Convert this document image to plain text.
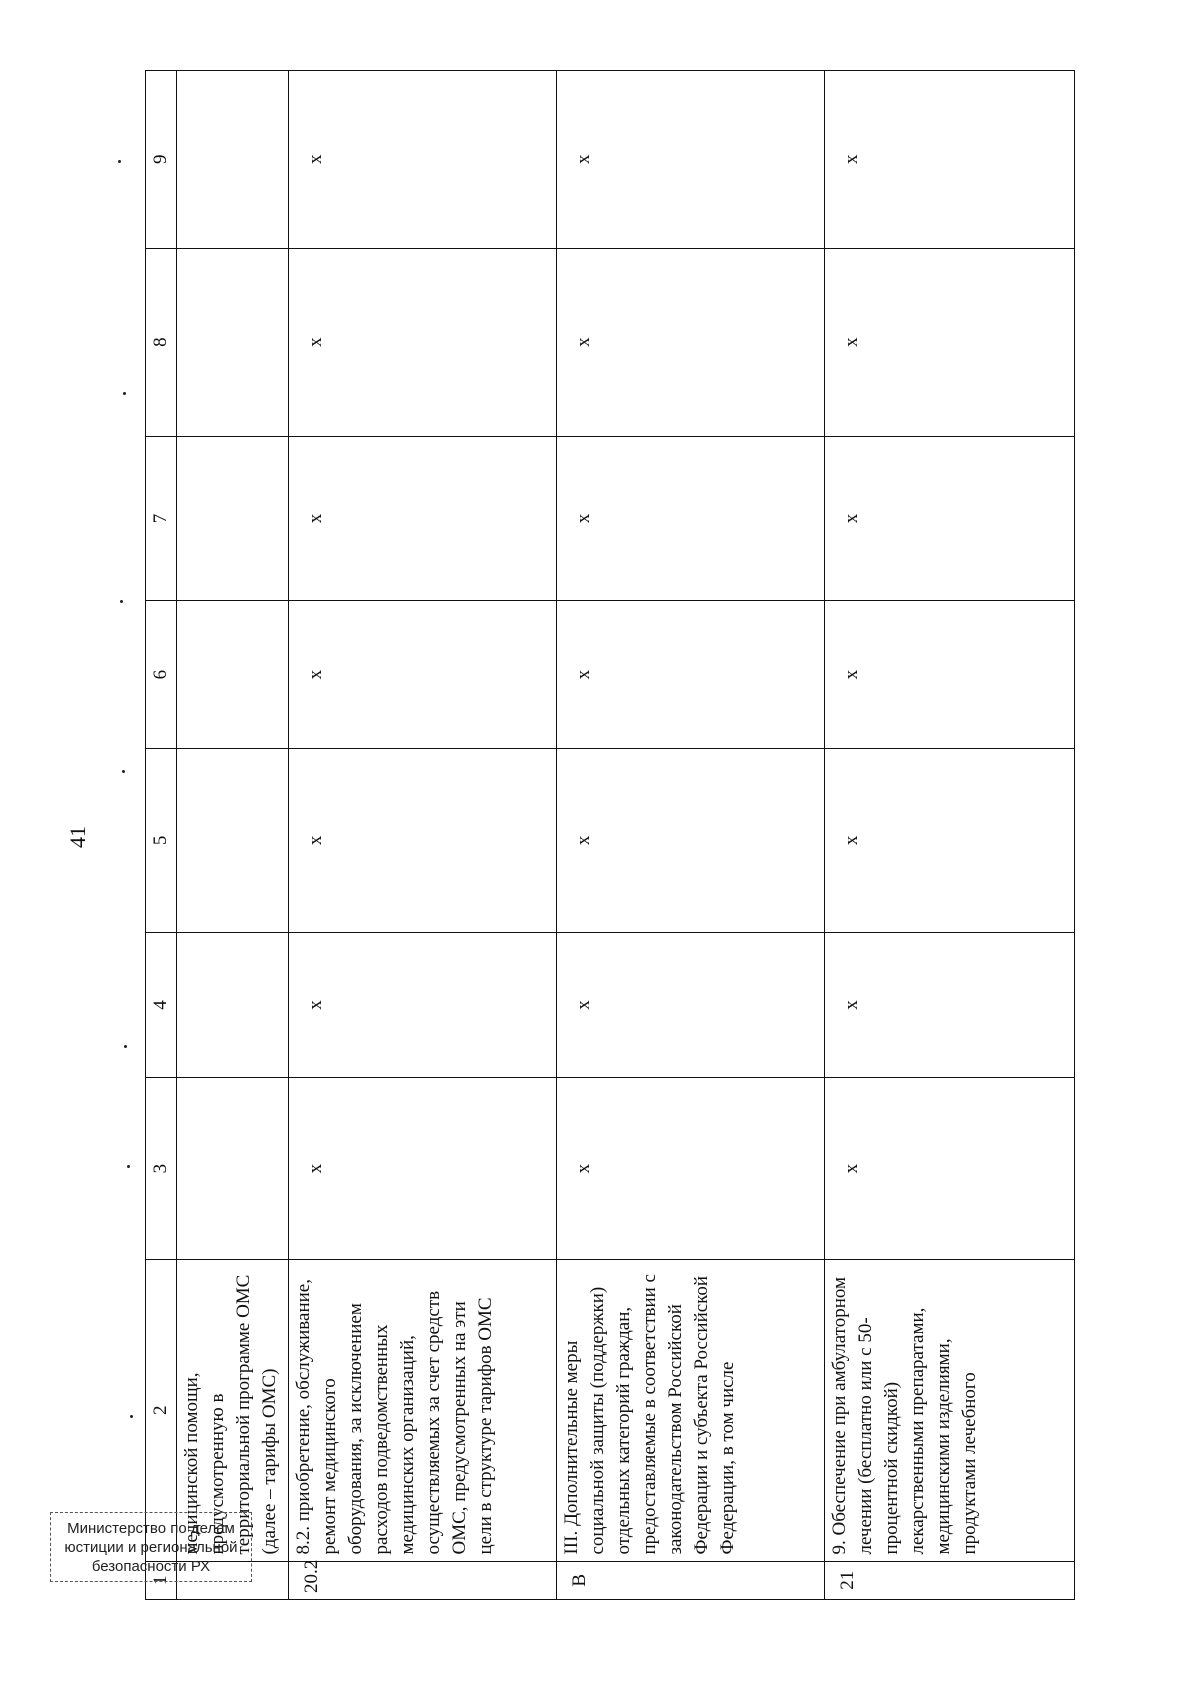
41
1	2	3	4	5	6	7	8	9
	медицинской помощи, предусмотренную в территориальной программе ОМС (далее – тарифы ОМС)							
20.2	8.2. приобретение, обслуживание, ремонт медицинского оборудования, за исключением расходов подведомственных медицинских организаций, осуществляемых за счет средств ОМС, предусмотренных на эти цели в структуре тарифов ОМС	x	x	x	x	x	x	x
В	III. Дополнительные меры социальной защиты (поддержки) отдельных категорий граждан, предоставляемые в соответствии с законодательством Российской Федерации и субъекта Российской Федерации, в том числе	x	x	x	x	x	x	x
21	9. Обеспечение при амбулаторном лечении (бесплатно или с 50-процентной скидкой) лекарственными препаратами, медицинскими изделиями, продуктами лечебного	x	x	x	x	x	x	x
Министерство по делам
юстиции и региональной
безопасности РХ
